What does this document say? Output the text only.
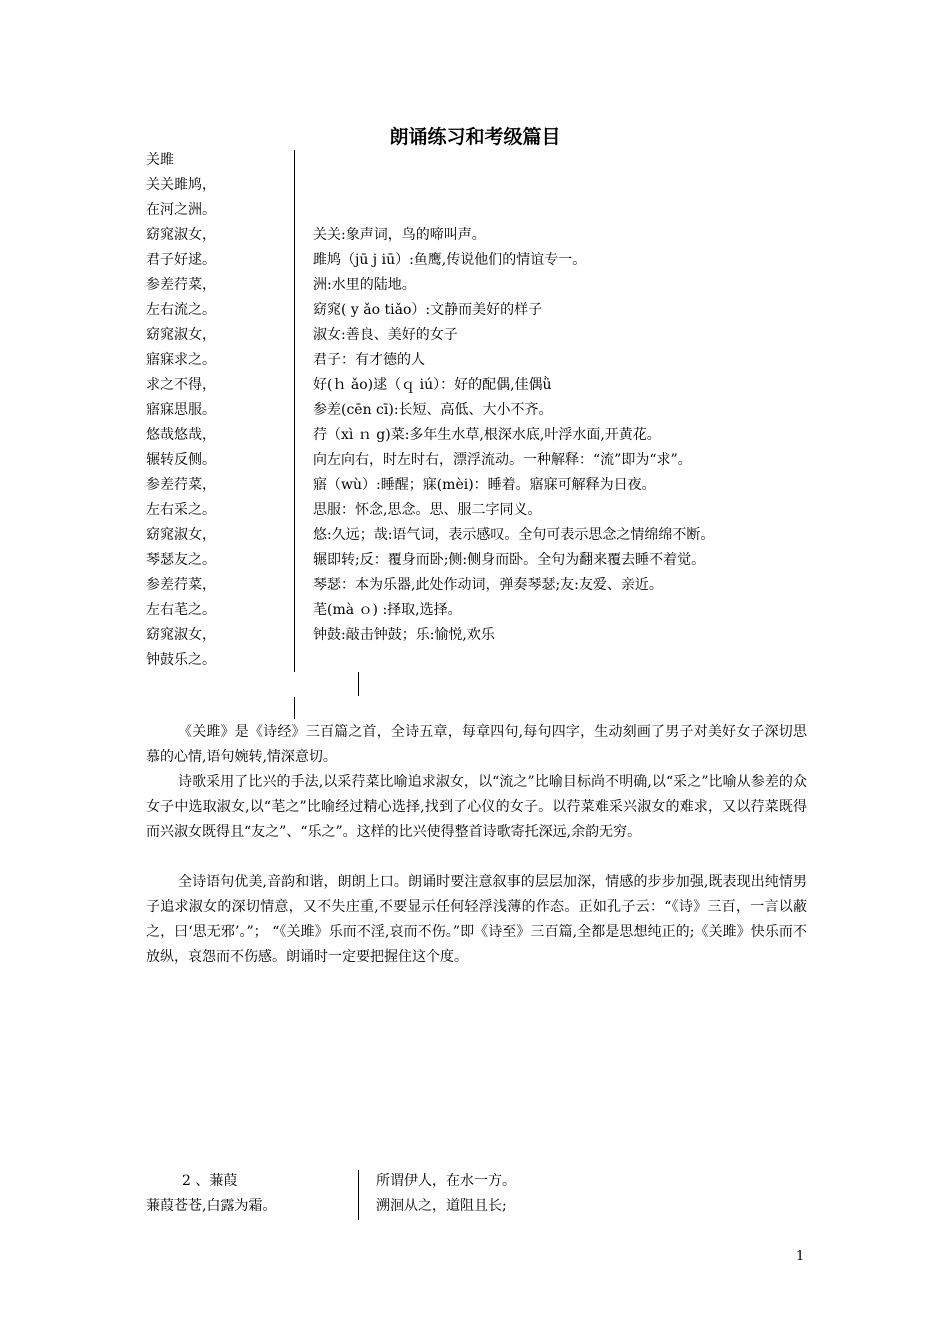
朗诵练习和考级篇目
关雎
关关雎鸠，
在河之洲。
窈窕淑女，
君子好逑。
参差荇菜，
左右流之。
窈窕淑女，
寤寐求之。
求之不得，
寤寐思服。
悠哉悠哉，
辗转反侧。
参差荇菜，
左右采之。
窈窕淑女，
琴瑟友之。
参差荇菜，
左右芼之。
窈窕淑女，
钟鼓乐之。
关关:象声词，鸟的啼叫声。
雎鸠（jū j iū）:鱼鹰,传说他们的情谊专一。
洲:水里的陆地。
窈窕( y ǎo tiǎo）:文静而美好的样子
淑女:善良、美好的女子
君子：有才德的人
好(ｈ ǎo)逑（ｑ iú）：好的配偶,佳偶ǜ
参差(cēn cī):长短、高低、大小不齐。
荇（xì ｎ g)菜:多年生水草,根深水底,叶浮水面,开黄花。
向左向右，时左时右，漂浮流动。一种解释：“流”即为“求”。
寤（wù）:睡醒；寐(mèi)：睡着。寤寐可解释为日夜。
思服：怀念,思念。思、服二字同义。
悠:久远；哉:语气词，表示感叹。全句可表示思念之情绵绵不断。
辗即转;反：覆身而卧;侧:侧身而卧。全句为翻来覆去睡不着觉。
琴瑟：本为乐器,此处作动词，弹奏琴瑟;友:友爱、亲近。
芼(mà ｏ) :择取,选择。
钟鼓:敲击钟鼓；乐:愉悦,欢乐
《关雎》是《诗经》三百篇之首，全诗五章，每章四句,每句四字，生动刻画了男子对美好女子深切思慕的心情,语句婉转,情深意切。
诗歌采用了比兴的手法,以采荇菜比喻追求淑女，以“流之”比喻目标尚不明确,以“采之”比喻从参差的众女子中选取淑女,以“芼之”比喻经过精心选择,找到了心仪的女子。以荇菜难采兴淑女的难求，又以荇菜既得而兴淑女既得且“友之”、“乐之”。这样的比兴使得整首诗歌寄托深远,余韵无穷。
全诗语句优美,音韵和谐，朗朗上口。朗诵时要注意叙事的层层加深，情感的步步加强,既表现出纯情男子追求淑女的深切情意，又不失庄重,不要显示任何轻浮浅薄的作态。正如孔子云：“《诗》三百，一言以蔽之，曰‘思无邪’。”； “《关雎》乐而不淫,哀而不伤。”即《诗至》三百篇,全都是思想纯正的;《关雎》快乐而不放纵，哀怨而不伤感。朗诵时一定要把握住这个度。
2 、蒹葭
蒹葭苍苍,白露为霜。
所谓伊人，在水一方。
溯洄从之，道阻且长;
1
